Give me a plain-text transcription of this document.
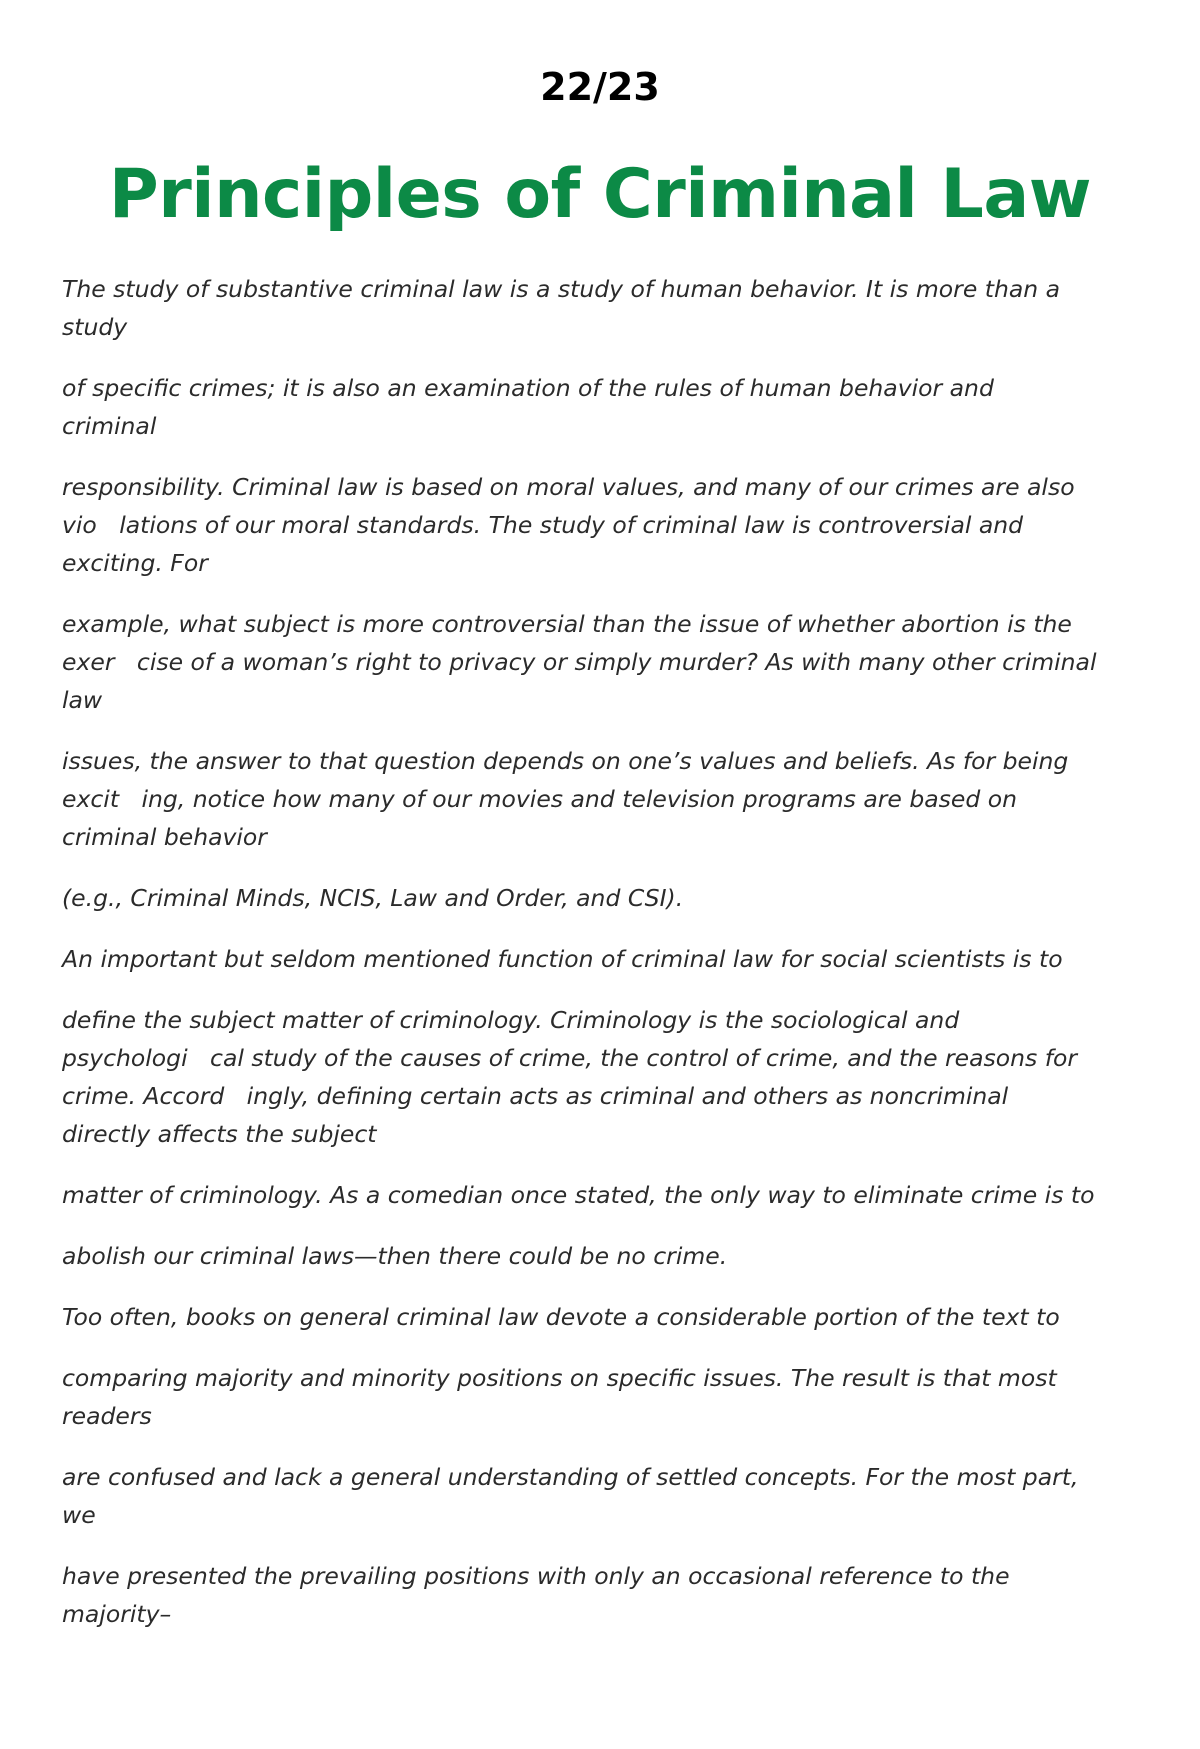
22/23
Principles of Criminal Law

The study of substantive criminal law is a study of human behavior. It is more than a
study

of specific crimes; it is also an examination of the rules of human behavior and
criminal

responsibility. Criminal law is based on moral values, and many of our crimes are also
vio   lations of our moral standards. The study of criminal law is controversial and
exciting. For

example, what subject is more controversial than the issue of whether abortion is the
exer   cise of a woman’s right to privacy or simply murder? As with many other criminal
law

issues, the answer to that question depends on one’s values and beliefs. As for being
excit   ing, notice how many of our movies and television programs are based on
criminal behavior

(e.g., Criminal Minds, NCIS, Law and Order, and CSI).

An important but seldom mentioned function of criminal law for social scientists is to

define the subject matter of criminology. Criminology is the sociological and
psychologi   cal study of the causes of crime, the control of crime, and the reasons for
crime. Accord   ingly, defining certain acts as criminal and others as noncriminal
directly affects the subject

matter of criminology. As a comedian once stated, the only way to eliminate crime is to

abolish our criminal laws—then there could be no crime.

Too often, books on general criminal law devote a considerable portion of the text to

comparing majority and minority positions on specific issues. The result is that most
readers

are confused and lack a general understanding of settled concepts. For the most part,
we

have presented the prevailing positions with only an occasional reference to the
majority–
